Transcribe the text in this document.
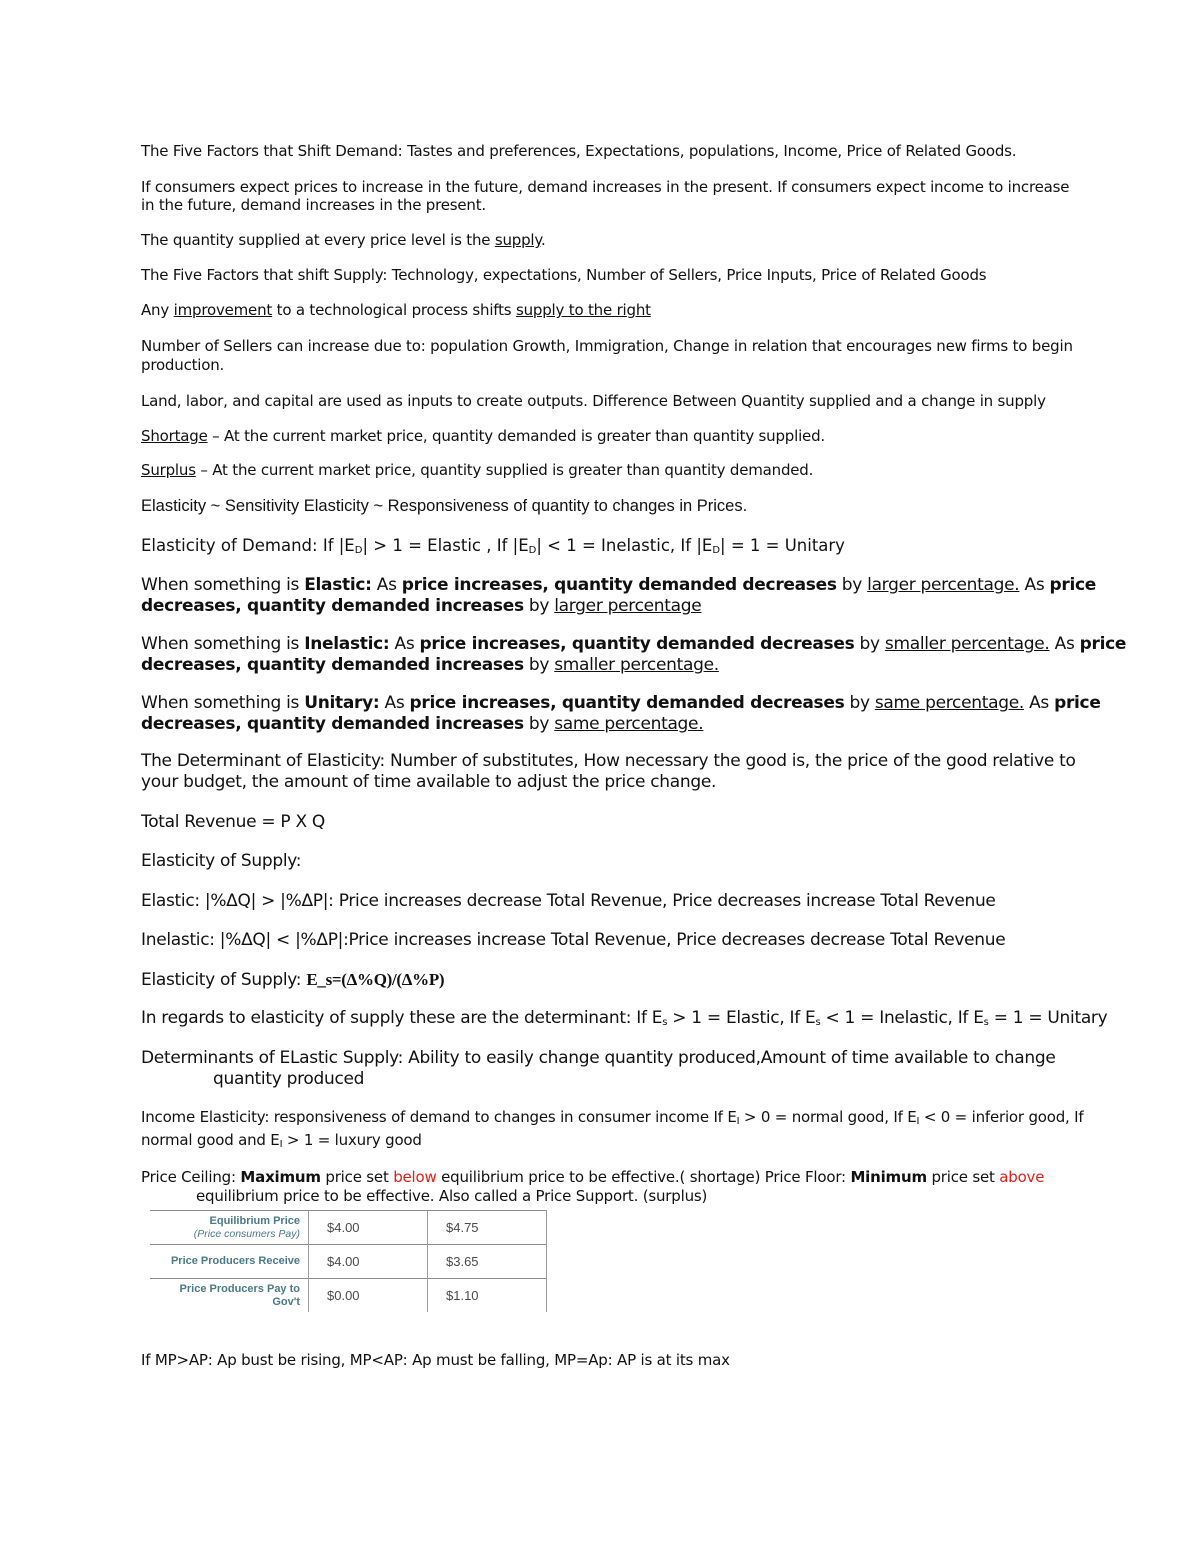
The Five Factors that Shift Demand: Tastes and preferences, Expectations, populations, Income, Price of Related Goods.

If consumers expect prices to increase in the future, demand increases in the present. If consumers expect income to increase

in the future, demand increases in the present.

The quantity supplied at every price level is the supply.

The Five Factors that shift Supply: Technology, expectations, Number of Sellers, Price Inputs, Price of Related Goods

Any improvement to a technological process shifts supply to the right

Number of Sellers can increase due to: population Growth, Immigration, Change in relation that encourages new firms to begin

production.

Land, labor, and capital are used as inputs to create outputs. Difference Between Quantity supplied and a change in supply

Shortage – At the current market price, quantity demanded is greater than quantity supplied.

Surplus – At the current market price, quantity supplied is greater than quantity demanded.

Elasticity ~ Sensitivity Elasticity ~ Responsiveness of quantity to changes in Prices.

Elasticity of Demand: If $|E_D| > 1$ = Elastic , If $|E_D| < 1$ = Inelastic, If $|E_D| = 1$ = Unitary

When something is Elastic: As price increases, quantity demanded decreases by larger percentage. As price

decreases, quantity demanded increases by larger percentage

When something is Inelastic: As price increases, quantity demanded decreases by smaller percentage. As price

decreases, quantity demanded increases by smaller percentage.

When something is Unitary: As price increases, quantity demanded decreases by same percentage. As price

decreases, quantity demanded increases by same percentage.

The Determinant of Elasticity: Number of substitutes, How necessary the good is, the price of the good relative to

your budget, the amount of time available to adjust the price change.

Total Revenue = P X Q

Elasticity of Supply:

Elastic: |%ΔQ| > |%ΔP|: Price increases decrease Total Revenue, Price decreases increase Total Revenue

Inelastic: |%ΔQ| < |%ΔP|:Price increases increase Total Revenue, Price decreases decrease Total Revenue

Elasticity of Supply: E_s=(Δ%Q)/(Δ%P)

In regards to elasticity of supply these are the determinant: If $E_s > 1$ = Elastic, If $E_s < 1$ = Inelastic, If $E_s = 1$ = Unitary

Determinants of ELastic Supply: Ability to easily change quantity produced,Amount of time available to change

quantity produced

Income Elasticity: responsiveness of demand to changes in consumer income If $E_I > 0$ = normal good, If $E_I < 0$ = inferior good, If

normal good and $E_I > 1$ = luxury good

Price Ceiling: Maximum price set below equilibrium price to be effective.( shortage) Price Floor: Minimum price set above

equilibrium price to be effective. Also called a Price Support. (surplus)

If MP>AP: Ap bust be rising, MP<AP: Ap must be falling, MP=Ap: AP is at its max

Equilibrium Price
(Price consumers Pay)	$4.00	$4.75
Price Producers Receive	$4.00	$3.65
Price Producers Pay to Gov't	$0.00	$1.10
